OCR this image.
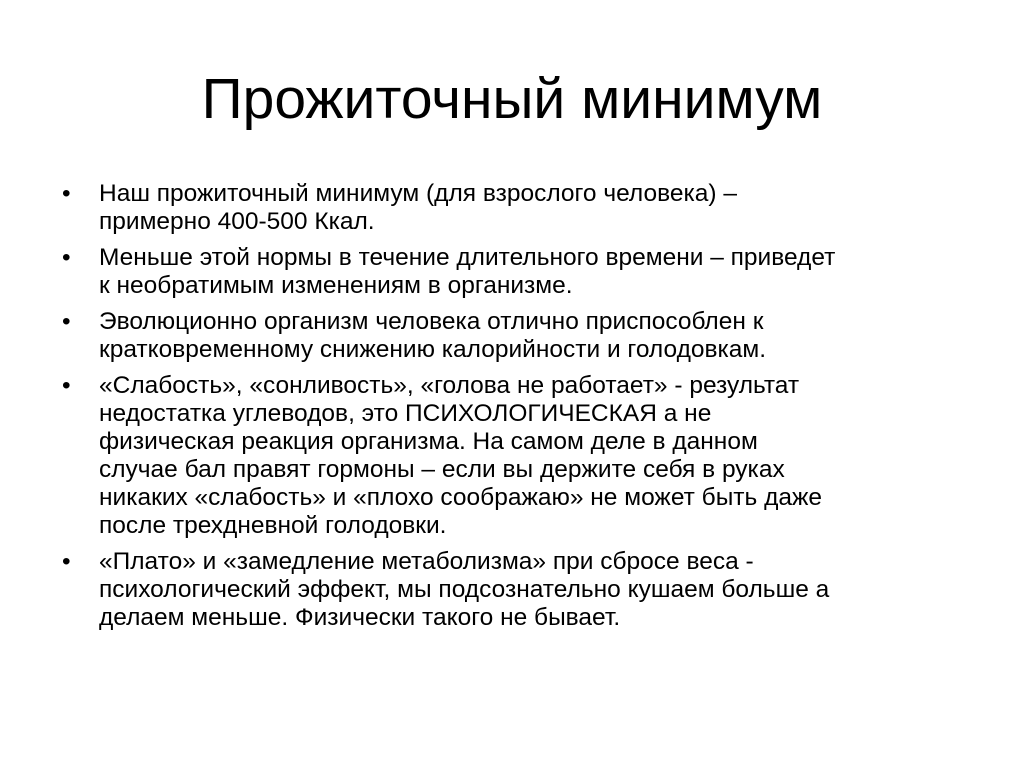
Прожиточный минимум
•	Наш прожиточный минимум (для взрослого человека) –
примерно 400-500 Ккал.
•	Меньше этой нормы в течение длительного времени – приведет
к необратимым изменениям в организме.
•	Эволюционно организм человека отлично приспособлен к
кратковременному снижению калорийности и голодовкам.
•	«Слабость», «сонливость», «голова не работает» - результат
недостатка углеводов, это ПСИХОЛОГИЧЕСКАЯ а не
физическая реакция организма. На самом деле в данном
случае бал правят гормоны – если вы держите себя в руках
никаких «слабость» и «плохо соображаю» не может быть даже
после трехдневной голодовки.
•	«Плато» и «замедление метаболизма» при сбросе веса -
психологический эффект, мы подсознательно кушаем больше а
делаем меньше. Физически такого не бывает.
